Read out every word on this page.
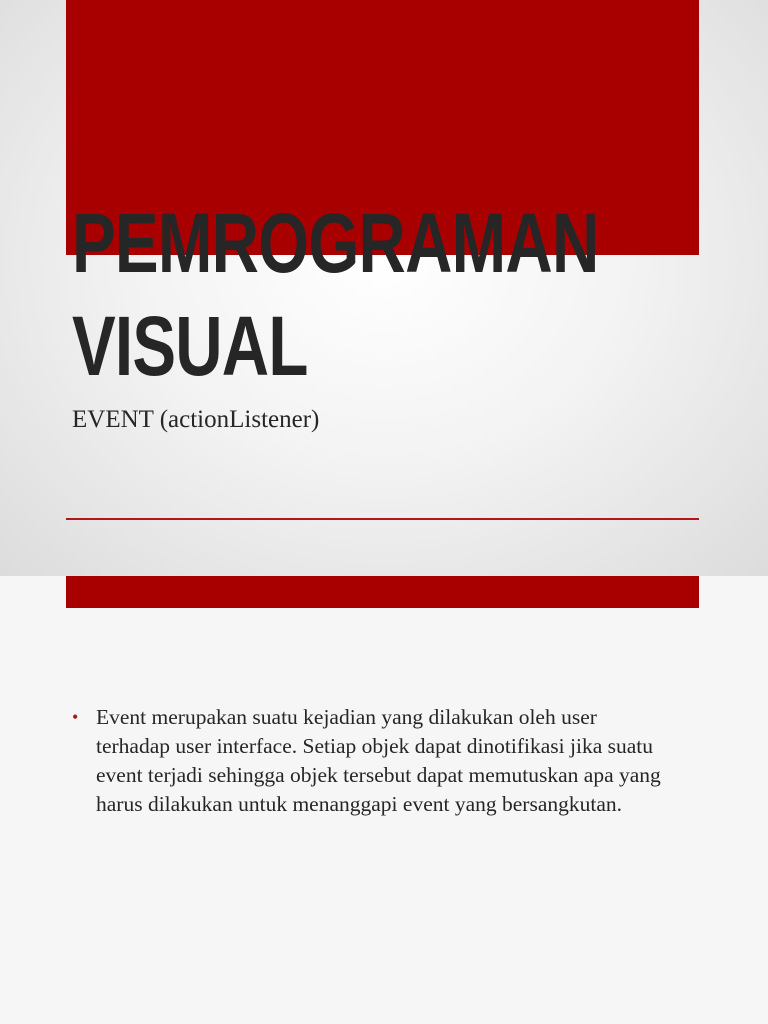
PEMROGRAMAN
VISUAL

EVENT (actionListener)

• Event merupakan suatu kejadian yang dilakukan oleh user terhadap user interface. Setiap objek dapat dinotifikasi jika suatu event terjadi sehingga objek tersebut dapat memutuskan apa yang harus dilakukan untuk menanggapi event yang bersangkutan.
